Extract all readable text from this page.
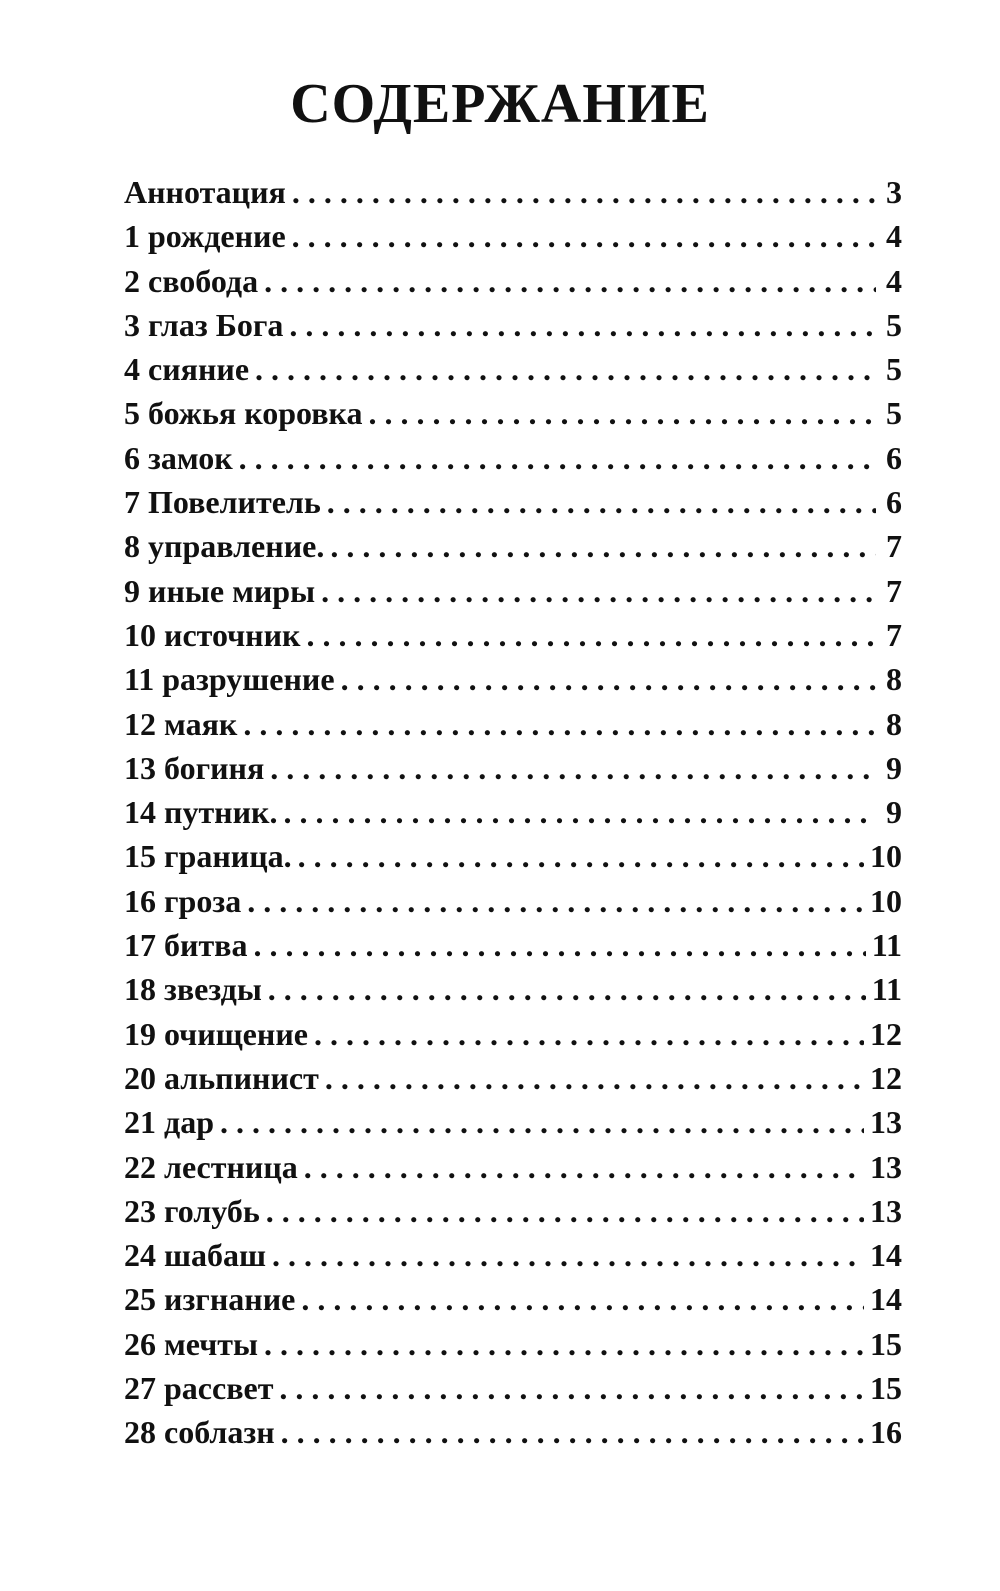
СОДЕРЖАНИЕ
Аннотация . . .	3
1 рождение . . .	4
2 свобода . . .	4
3 глаз Бога . . .	5
4 сияние . . .	5
5 божья коровка . . .	5
6 замок . . .	6
7 Повелитель . . .	6
8 управление. . . .	7
9 иные миры . . .	7
10 источник . . .	7
11 разрушение . . .	8
12 маяк . . .	8
13 богиня . . .	9
14 путник. . . .	9
15 граница. . . .	10
16 гроза . . .	10
17 битва . . .	11
18 звезды . . .	11
19 очищение . . .	12
20 альпинист . . .	12
21 дар . . .	13
22 лестница . . .	13
23 голубь . . .	13
24 шабаш . . .	14
25 изгнание . . .	14
26 мечты . . .	15
27 рассвет . . .	15
28 соблазн . . .	16
